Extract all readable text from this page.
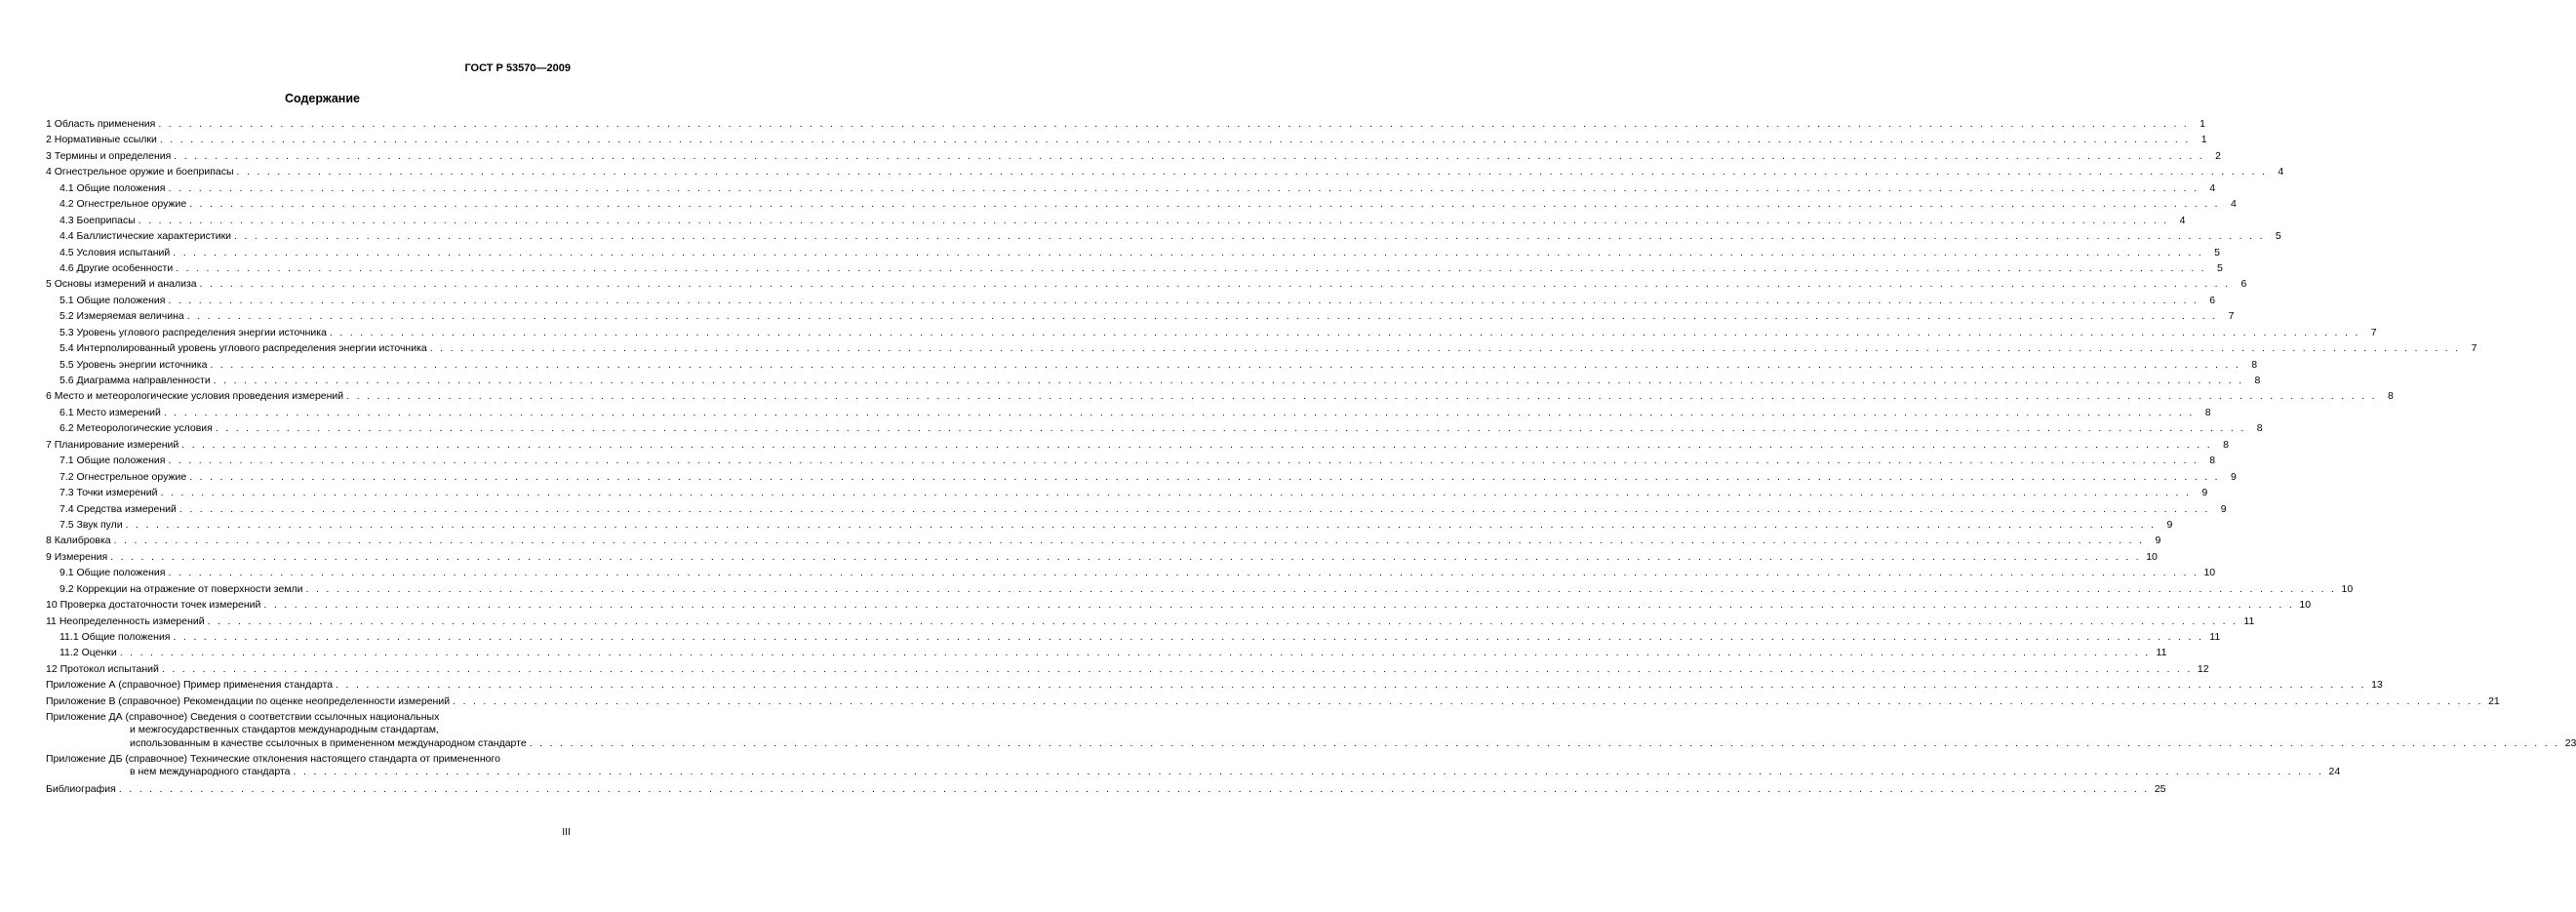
ГОСТ Р 53570—2009
Содержание
1 Область применения . . . . . . . . . . . . . . . . . . . . . . . . . . . . . . . . . . . . . . . . . . . . . . . . . . . . . . . . . . . . . . . . . . . . . . . . . . . . . . . . . . . . . . . . . . . . . . . . . . . . . . . . . . . . . . . . . . . . . . . . . . . . . . . . . . . . . . . . . . . . . . . . . . . . . . . . . . . . . . . . . . . . . . . . . . . . . . . . . . . . . . . . . . . . . . . . . . . . . . . .	1
2 Нормативные ссылки . . . . . . . . . . . . . . . . . . . . . . . . . . . . . . . . . . . . . . . . . . . . . . . . . . . . . . . . . . . . . . . . . . . . . . . . . . . . . . . . . . . . . . . . . . . . . . . . . . . . . . . . . . . . . . . . . . . . . . . . . . . . . . . . . . . . . . . . . . . . . . . . . . . . . . . . . . . . . . . . . . . . . . . . . . . . . . . . . . . . . . . . . . . . . . . . . . . . . . . .	1
3 Термины и определения . . . . . . . . . . . . . . . . . . . . . . . . . . . . . . . . . . . . . . . . . . . . . . . . . . . . . . . . . . . . . . . . . . . . . . . . . . . . . . . . . . . . . . . . . . . . . . . . . . . . . . . . . . . . . . . . . . . . . . . . . . . . . . . . . . . . . . . . . . . . . . . . . . . . . . . . . . . . . . . . . . . . . . . . . . . . . . . . . . . . . . . . . . . . . . . . . . . . . . . .	2
4 Огнестрельное оружие и боеприпасы . . . . . . . . . . . . . . . . . . . . . . . . . . . . . . . . . . . . . . . . . . . . . . . . . . . . . . . . . . . . . . . . . . . . . . . . . . . . . . . . . . . . . . . . . . . . . . . . . . . . . . . . . . . . . . . . . . . . . . . . . . . . . . . . . . . . . . . . . . . . . . . . . . . . . . . . . . . . . . . . . . . . . . . . . . . . . . . . . . . . . . . . . . . . . . . . . . . . . . . .	4
4.1 Общие положения . . . . . . . . . . . . . . . . . . . . . . . . . . . . . . . . . . . . . . . . . . . . . . . . . . . . . . . . . . . . . . . . . . . . . . . . . . . . . . . . . . . . . . . . . . . . . . . . . . . . . . . . . . . . . . . . . . . . . . . . . . . . . . . . . . . . . . . . . . . . . . . . . . . . . . . . . . . . . . . . . . . . . . . . . . . . . . . . . . . . . . . . . . . . . . . . . . . . . . . .	4
4.2 Огнестрельное оружие . . . . . . . . . . . . . . . . . . . . . . . . . . . . . . . . . . . . . . . . . . . . . . . . . . . . . . . . . . . . . . . . . . . . . . . . . . . . . . . . . . . . . . . . . . . . . . . . . . . . . . . . . . . . . . . . . . . . . . . . . . . . . . . . . . . . . . . . . . . . . . . . . . . . . . . . . . . . . . . . . . . . . . . . . . . . . . . . . . . . . . . . . . . . . . . . . . . . . . . .	4
4.3 Боеприпасы . . . . . . . . . . . . . . . . . . . . . . . . . . . . . . . . . . . . . . . . . . . . . . . . . . . . . . . . . . . . . . . . . . . . . . . . . . . . . . . . . . . . . . . . . . . . . . . . . . . . . . . . . . . . . . . . . . . . . . . . . . . . . . . . . . . . . . . . . . . . . . . . . . . . . . . . . . . . . . . . . . . . . . . . . . . . . . . . . . . . . . . . . . . . . . . . . . . . . . . .	4
4.4 Баллистические характеристики . . . . . . . . . . . . . . . . . . . . . . . . . . . . . . . . . . . . . . . . . . . . . . . . . . . . . . . . . . . . . . . . . . . . . . . . . . . . . . . . . . . . . . . . . . . . . . . . . . . . . . . . . . . . . . . . . . . . . . . . . . . . . . . . . . . . . . . . . . . . . . . . . . . . . . . . . . . . . . . . . . . . . . . . . . . . . . . . . . . . . . . . . . . . . . . . . . . . . . . .	5
4.5 Условия испытаний . . . . . . . . . . . . . . . . . . . . . . . . . . . . . . . . . . . . . . . . . . . . . . . . . . . . . . . . . . . . . . . . . . . . . . . . . . . . . . . . . . . . . . . . . . . . . . . . . . . . . . . . . . . . . . . . . . . . . . . . . . . . . . . . . . . . . . . . . . . . . . . . . . . . . . . . . . . . . . . . . . . . . . . . . . . . . . . . . . . . . . . . . . . . . . . . . . . . . . . .	5
4.6 Другие особенности . . . . . . . . . . . . . . . . . . . . . . . . . . . . . . . . . . . . . . . . . . . . . . . . . . . . . . . . . . . . . . . . . . . . . . . . . . . . . . . . . . . . . . . . . . . . . . . . . . . . . . . . . . . . . . . . . . . . . . . . . . . . . . . . . . . . . . . . . . . . . . . . . . . . . . . . . . . . . . . . . . . . . . . . . . . . . . . . . . . . . . . . . . . . . . . . . . . . . . . .	5
5 Основы измерений и анализа . . . . . . . . . . . . . . . . . . . . . . . . . . . . . . . . . . . . . . . . . . . . . . . . . . . . . . . . . . . . . . . . . . . . . . . . . . . . . . . . . . . . . . . . . . . . . . . . . . . . . . . . . . . . . . . . . . . . . . . . . . . . . . . . . . . . . . . . . . . . . . . . . . . . . . . . . . . . . . . . . . . . . . . . . . . . . . . . . . . . . . . . . . . . . . . . . . . . . . . .	6
5.1 Общие положения . . . . . . . . . . . . . . . . . . . . . . . . . . . . . . . . . . . . . . . . . . . . . . . . . . . . . . . . . . . . . . . . . . . . . . . . . . . . . . . . . . . . . . . . . . . . . . . . . . . . . . . . . . . . . . . . . . . . . . . . . . . . . . . . . . . . . . . . . . . . . . . . . . . . . . . . . . . . . . . . . . . . . . . . . . . . . . . . . . . . . . . . . . . . . . . . . . . . . . . .	6
5.2 Измеряемая величина . . . . . . . . . . . . . . . . . . . . . . . . . . . . . . . . . . . . . . . . . . . . . . . . . . . . . . . . . . . . . . . . . . . . . . . . . . . . . . . . . . . . . . . . . . . . . . . . . . . . . . . . . . . . . . . . . . . . . . . . . . . . . . . . . . . . . . . . . . . . . . . . . . . . . . . . . . . . . . . . . . . . . . . . . . . . . . . . . . . . . . . . . . . . . . . . . . . . . . . .	7
5.3 Уровень углового распределения энергии источника . . . . . . . . . . . . . . . . . . . . . . . . . . . . . . . . . . . . . . . . . . . . . . . . . . . . . . . . . . . . . . . . . . . . . . . . . . . . . . . . . . . . . . . . . . . . . . . . . . . . . . . . . . . . . . . . . . . . . . . . . . . . . . . . . . . . . . . . . . . . . . . . . . . . . . . . . . . . . . . . . . . . . . . . . . . . . . . . . . . . . . . . . . . . . . . . . . . . . . . .	7
5.4 Интерполированный уровень углового распределения энергии источника . . . . . . . . . . . . . . . . . . . . . . . . . . . . . . . . . . . . . . . . . . . . . . . . . . . . . . . . . . . . . . . . . . . . . . . . . . . . . . . . . . . . . . . . . . . . . . . . . . . . . . . . . . . . . . . . . . . . . . . . . . . . . . . . . . . . . . . . . . . . . . . . . . . . . . . . . . . . . . . . . . . . . . . . . . . . . . . . . . . . . . . . . . . . . . . . . . . . . . . .	7
5.5 Уровень энергии источника . . . . . . . . . . . . . . . . . . . . . . . . . . . . . . . . . . . . . . . . . . . . . . . . . . . . . . . . . . . . . . . . . . . . . . . . . . . . . . . . . . . . . . . . . . . . . . . . . . . . . . . . . . . . . . . . . . . . . . . . . . . . . . . . . . . . . . . . . . . . . . . . . . . . . . . . . . . . . . . . . . . . . . . . . . . . . . . . . . . . . . . . . . . . . . . . . . . . . . . .	8
5.6 Диаграмма направленности . . . . . . . . . . . . . . . . . . . . . . . . . . . . . . . . . . . . . . . . . . . . . . . . . . . . . . . . . . . . . . . . . . . . . . . . . . . . . . . . . . . . . . . . . . . . . . . . . . . . . . . . . . . . . . . . . . . . . . . . . . . . . . . . . . . . . . . . . . . . . . . . . . . . . . . . . . . . . . . . . . . . . . . . . . . . . . . . . . . . . . . . . . . . . . . . . . . . . . . .	8
6 Место и метеорологические условия проведения измерений . . . . . . . . . . . . . . . . . . . . . . . . . . . . . . . . . . . . . . . . . . . . . . . . . . . . . . . . . . . . . . . . . . . . . . . . . . . . . . . . . . . . . . . . . . . . . . . . . . . . . . . . . . . . . . . . . . . . . . . . . . . . . . . . . . . . . . . . . . . . . . . . . . . . . . . . . . . . . . . . . . . . . . . . . . . . . . . . . . . . . . . . . . . . . . . . . . . . . . . .	8
6.1 Место измерений . . . . . . . . . . . . . . . . . . . . . . . . . . . . . . . . . . . . . . . . . . . . . . . . . . . . . . . . . . . . . . . . . . . . . . . . . . . . . . . . . . . . . . . . . . . . . . . . . . . . . . . . . . . . . . . . . . . . . . . . . . . . . . . . . . . . . . . . . . . . . . . . . . . . . . . . . . . . . . . . . . . . . . . . . . . . . . . . . . . . . . . . . . . . . . . . . . . . . . . .	8
6.2 Метеорологические условия . . . . . . . . . . . . . . . . . . . . . . . . . . . . . . . . . . . . . . . . . . . . . . . . . . . . . . . . . . . . . . . . . . . . . . . . . . . . . . . . . . . . . . . . . . . . . . . . . . . . . . . . . . . . . . . . . . . . . . . . . . . . . . . . . . . . . . . . . . . . . . . . . . . . . . . . . . . . . . . . . . . . . . . . . . . . . . . . . . . . . . . . . . . . . . . . . . . . . . . .	8
7 Планирование измерений . . . . . . . . . . . . . . . . . . . . . . . . . . . . . . . . . . . . . . . . . . . . . . . . . . . . . . . . . . . . . . . . . . . . . . . . . . . . . . . . . . . . . . . . . . . . . . . . . . . . . . . . . . . . . . . . . . . . . . . . . . . . . . . . . . . . . . . . . . . . . . . . . . . . . . . . . . . . . . . . . . . . . . . . . . . . . . . . . . . . . . . . . . . . . . . . . . . . . . . .	8
7.1 Общие положения . . . . . . . . . . . . . . . . . . . . . . . . . . . . . . . . . . . . . . . . . . . . . . . . . . . . . . . . . . . . . . . . . . . . . . . . . . . . . . . . . . . . . . . . . . . . . . . . . . . . . . . . . . . . . . . . . . . . . . . . . . . . . . . . . . . . . . . . . . . . . . . . . . . . . . . . . . . . . . . . . . . . . . . . . . . . . . . . . . . . . . . . . . . . . . . . . . . . . . . .	8
7.2 Огнестрельное оружие . . . . . . . . . . . . . . . . . . . . . . . . . . . . . . . . . . . . . . . . . . . . . . . . . . . . . . . . . . . . . . . . . . . . . . . . . . . . . . . . . . . . . . . . . . . . . . . . . . . . . . . . . . . . . . . . . . . . . . . . . . . . . . . . . . . . . . . . . . . . . . . . . . . . . . . . . . . . . . . . . . . . . . . . . . . . . . . . . . . . . . . . . . . . . . . . . . . . . . . .	9
7.3 Точки измерений . . . . . . . . . . . . . . . . . . . . . . . . . . . . . . . . . . . . . . . . . . . . . . . . . . . . . . . . . . . . . . . . . . . . . . . . . . . . . . . . . . . . . . . . . . . . . . . . . . . . . . . . . . . . . . . . . . . . . . . . . . . . . . . . . . . . . . . . . . . . . . . . . . . . . . . . . . . . . . . . . . . . . . . . . . . . . . . . . . . . . . . . . . . . . . . . . . . . . . . .	9
7.4 Средства измерений . . . . . . . . . . . . . . . . . . . . . . . . . . . . . . . . . . . . . . . . . . . . . . . . . . . . . . . . . . . . . . . . . . . . . . . . . . . . . . . . . . . . . . . . . . . . . . . . . . . . . . . . . . . . . . . . . . . . . . . . . . . . . . . . . . . . . . . . . . . . . . . . . . . . . . . . . . . . . . . . . . . . . . . . . . . . . . . . . . . . . . . . . . . . . . . . . . . . . . . .	9
7.5 Звук пули . . . . . . . . . . . . . . . . . . . . . . . . . . . . . . . . . . . . . . . . . . . . . . . . . . . . . . . . . . . . . . . . . . . . . . . . . . . . . . . . . . . . . . . . . . . . . . . . . . . . . . . . . . . . . . . . . . . . . . . . . . . . . . . . . . . . . . . . . . . . . . . . . . . . . . . . . . . . . . . . . . . . . . . . . . . . . . . . . . . . . . . . . . . . . . . . . . . . . . . .	9
8 Калибровка . . . . . . . . . . . . . . . . . . . . . . . . . . . . . . . . . . . . . . . . . . . . . . . . . . . . . . . . . . . . . . . . . . . . . . . . . . . . . . . . . . . . . . . . . . . . . . . . . . . . . . . . . . . . . . . . . . . . . . . . . . . . . . . . . . . . . . . . . . . . . . . . . . . . . . . . . . . . . . . . . . . . . . . . . . . . . . . . . . . . . . . . . . . . . . . . . . . . . . . .	9
9 Измерения . . . . . . . . . . . . . . . . . . . . . . . . . . . . . . . . . . . . . . . . . . . . . . . . . . . . . . . . . . . . . . . . . . . . . . . . . . . . . . . . . . . . . . . . . . . . . . . . . . . . . . . . . . . . . . . . . . . . . . . . . . . . . . . . . . . . . . . . . . . . . . . . . . . . . . . . . . . . . . . . . . . . . . . . . . . . . . . . . . . . . . . . . . . . . . . . . . . . . . . . 10
9.1 Общие положения . . . . . . . . . . . . . . . . . . . . . . . . . . . . . . . . . . . . . . . . . . . . . . . . . . . . . . . . . . . . . . . . . . . . . . . . . . . . . . . . . . . . . . . . . . . . . . . . . . . . . . . . . . . . . . . . . . . . . . . . . . . . . . . . . . . . . . . . . . . . . . . . . . . . . . . . . . . . . . . . . . . . . . . . . . . . . . . . . . . . . . . . . . . . . . . . . . . . . . . . 10
9.2 Коррекции на отражение от поверхности земли . . . . . . . . . . . . . . . . . . . . . . . . . . . . . . . . . . . . . . . . . . . . . . . . . . . . . . . . . . . . . . . . . . . . . . . . . . . . . . . . . . . . . . . . . . . . . . . . . . . . . . . . . . . . . . . . . . . . . . . . . . . . . . . . . . . . . . . . . . . . . . . . . . . . . . . . . . . . . . . . . . . . . . . . . . . . . . . . . . . . . . . . . . . . . . . . . . . . . . . . 10
10 Проверка достаточности точек измерений . . . . . . . . . . . . . . . . . . . . . . . . . . . . . . . . . . . . . . . . . . . . . . . . . . . . . . . . . . . . . . . . . . . . . . . . . . . . . . . . . . . . . . . . . . . . . . . . . . . . . . . . . . . . . . . . . . . . . . . . . . . . . . . . . . . . . . . . . . . . . . . . . . . . . . . . . . . . . . . . . . . . . . . . . . . . . . . . . . . . . . . . . . . . . . . . . . . . . . . . 10
11 Неопределенность измерений . . . . . . . . . . . . . . . . . . . . . . . . . . . . . . . . . . . . . . . . . . . . . . . . . . . . . . . . . . . . . . . . . . . . . . . . . . . . . . . . . . . . . . . . . . . . . . . . . . . . . . . . . . . . . . . . . . . . . . . . . . . . . . . . . . . . . . . . . . . . . . . . . . . . . . . . . . . . . . . . . . . . . . . . . . . . . . . . . . . . . . . . . . . . . . . . . . . . . . . . 11
11.1 Общие положения . . . . . . . . . . . . . . . . . . . . . . . . . . . . . . . . . . . . . . . . . . . . . . . . . . . . . . . . . . . . . . . . . . . . . . . . . . . . . . . . . . . . . . . . . . . . . . . . . . . . . . . . . . . . . . . . . . . . . . . . . . . . . . . . . . . . . . . . . . . . . . . . . . . . . . . . . . . . . . . . . . . . . . . . . . . . . . . . . . . . . . . . . . . . . . . . . . . . . . . . 11
11.2 Оценки . . . . . . . . . . . . . . . . . . . . . . . . . . . . . . . . . . . . . . . . . . . . . . . . . . . . . . . . . . . . . . . . . . . . . . . . . . . . . . . . . . . . . . . . . . . . . . . . . . . . . . . . . . . . . . . . . . . . . . . . . . . . . . . . . . . . . . . . . . . . . . . . . . . . . . . . . . . . . . . . . . . . . . . . . . . . . . . . . . . . . . . . . . . . . . . . . . . . . . . . 11
12 Протокол испытаний . . . . . . . . . . . . . . . . . . . . . . . . . . . . . . . . . . . . . . . . . . . . . . . . . . . . . . . . . . . . . . . . . . . . . . . . . . . . . . . . . . . . . . . . . . . . . . . . . . . . . . . . . . . . . . . . . . . . . . . . . . . . . . . . . . . . . . . . . . . . . . . . . . . . . . . . . . . . . . . . . . . . . . . . . . . . . . . . . . . . . . . . . . . . . . . . . . . . . . . . 12
Приложение А (справочное) Пример применения стандарта . . . . . . . . . . . . . . . . . . . . . . . . . . . . . . . . . . . . . . . . . . . . . . . . . . . . . . . . . . . . . . . . . . . . . . . . . . . . . . . . . . . . . . . . . . . . . . . . . . . . . . . . . . . . . . . . . . . . . . . . . . . . . . . . . . . . . . . . . . . . . . . . . . . . . . . . . . . . . . . . . . . . . . . . . . . . . . . . . . . . . . . . . . . . . . . . . . . . . . . . 13
Приложение В (справочное) Рекомендации по оценке неопределенности измерений . . . . . . . . . . . . . . . . . . . . . . . . . . . . . . . . . . . . . . . . . . . . . . . . . . . . . . . . . . . . . . . . . . . . . . . . . . . . . . . . . . . . . . . . . . . . . . . . . . . . . . . . . . . . . . . . . . . . . . . . . . . . . . . . . . . . . . . . . . . . . . . . . . . . . . . . . . . . . . . . . . . . . . . . . . . . . . . . . . . . . . . . . . . . . . . . . . . . . . . . 21
Приложение ДА (справочное) Сведения о соответствии ссылочных национальных
и межгосударственных стандартов международным стандартам,
использованным в качестве ссылочных в примененном международном стандарте . . . . . . . . . . . . . . . . . . . . . . . . . . . . . . . . . . . . . . . . . . . . . . . . . . . . . . . . . . . . . . . . . . . . . . . . . . . . . . . . . . . . . . . . . . . . . . . . . . . . . . . . . . . . . . . . . . . . . . . . . . . . . . . . . . . . . . . . . . . . . . . . . . . . . . . . . . . . . . . . . . . . . . . . . . . . . . . . . . . . . . . . . . . . . . . . . . . . . . . . 23
Приложение ДБ (справочное) Технические отклонения настоящего стандарта от примененного
в нем международного стандарта . . . . . . . . . . . . . . . . . . . . . . . . . . . . . . . . . . . . . . . . . . . . . . . . . . . . . . . . . . . . . . . . . . . . . . . . . . . . . . . . . . . . . . . . . . . . . . . . . . . . . . . . . . . . . . . . . . . . . . . . . . . . . . . . . . . . . . . . . . . . . . . . . . . . . . . . . . . . . . . . . . . . . . . . . . . . . . . . . . . . . . . . . . . . . . . . . . . . . . . . 24
Библиография . . . . . . . . . . . . . . . . . . . . . . . . . . . . . . . . . . . . . . . . . . . . . . . . . . . . . . . . . . . . . . . . . . . . . . . . . . . . . . . . . . . . . . . . . . . . . . . . . . . . . . . . . . . . . . . . . . . . . . . . . . . . . . . . . . . . . . . . . . . . . . . . . . . . . . . . . . . . . . . . . . . . . . . . . . . . . . . . . . . . . . . . . . . . . . . . . . . . . . . . 25
III
